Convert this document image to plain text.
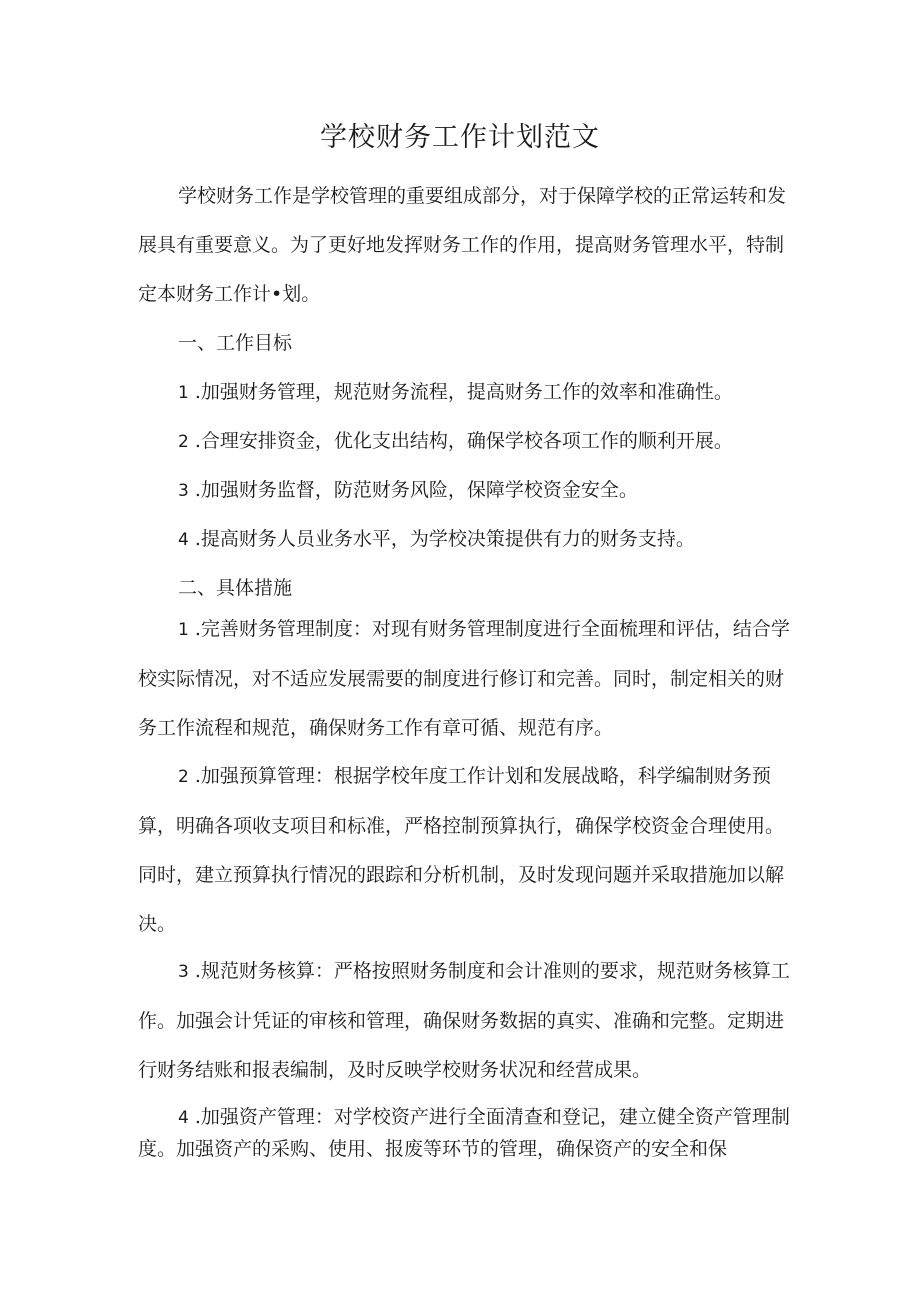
学校财务工作计划范文

学校财务工作是学校管理的重要组成部分，对于保障学校的正常运转和发展具有重要意义。为了更好地发挥财务工作的作用，提高财务管理水平，特制定本财务工作计•划。

一、工作目标

1 .加强财务管理，规范财务流程，提高财务工作的效率和准确性。

2 .合理安排资金，优化支出结构，确保学校各项工作的顺利开展。

3 .加强财务监督，防范财务风险，保障学校资金安全。

4 .提高财务人员业务水平，为学校决策提供有力的财务支持。

二、具体措施

1 .完善财务管理制度：对现有财务管理制度进行全面梳理和评估，结合学校实际情况，对不适应发展需要的制度进行修订和完善。同时，制定相关的财务工作流程和规范，确保财务工作有章可循、规范有序。

2 .加强预算管理：根据学校年度工作计划和发展战略，科学编制财务预算，明确各项收支项目和标准，严格控制预算执行，确保学校资金合理使用。同时，建立预算执行情况的跟踪和分析机制，及时发现问题并采取措施加以解决。

3 .规范财务核算：严格按照财务制度和会计准则的要求，规范财务核算工作。加强会计凭证的审核和管理，确保财务数据的真实、准确和完整。定期进行财务结账和报表编制，及时反映学校财务状况和经营成果。

4 .加强资产管理：对学校资产进行全面清查和登记，建立健全资产管理制度。加强资产的采购、使用、报废等环节的管理，确保资产的安全和保
